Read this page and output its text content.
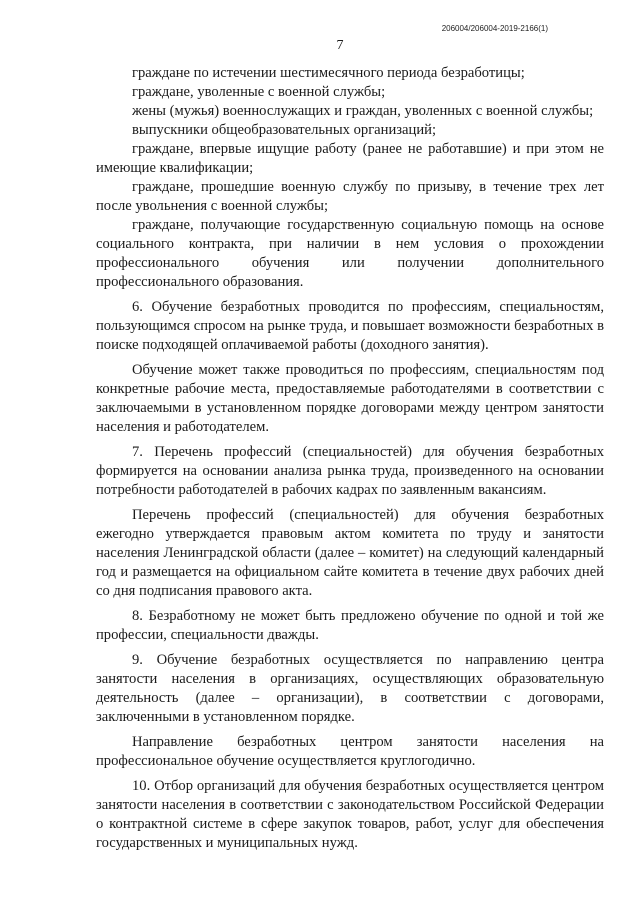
206004/206004-2019-2166(1)
7

граждане по истечении шестимесячного периода безработицы;

граждане, уволенные с военной службы;

жены (мужья) военнослужащих и граждан, уволенных с военной службы;

выпускники общеобразовательных организаций;

граждане, впервые ищущие работу (ранее не работавшие) и при этом не имеющие квалификации;

граждане, прошедшие военную службу по призыву, в течение трех лет после увольнения с военной службы;

граждане, получающие государственную социальную помощь на основе социального контракта, при наличии в нем условия о прохождении профессионального обучения или получении дополнительного профессионального образования.

6. Обучение безработных проводится по профессиям, специальностям, пользующимся спросом на рынке труда, и повышает возможности безработных в поиске подходящей оплачиваемой работы (доходного занятия).

Обучение может также проводиться по профессиям, специальностям под конкретные рабочие места, предоставляемые работодателями в соответствии с заключаемыми в установленном порядке договорами между центром занятости населения и работодателем.

7. Перечень профессий (специальностей) для обучения безработных формируется на основании анализа рынка труда, произведенного на основании потребности работодателей в рабочих кадрах по заявленным вакансиям.

Перечень профессий (специальностей) для обучения безработных ежегодно утверждается правовым актом комитета по труду и занятости населения Ленинградской области (далее – комитет) на следующий календарный год и размещается на официальном сайте комитета в течение двух рабочих дней со дня подписания правового акта.

8. Безработному не может быть предложено обучение по одной и той же профессии, специальности дважды.

9. Обучение безработных осуществляется по направлению центра занятости населения в организациях, осуществляющих образовательную деятельность (далее – организации), в соответствии с договорами, заключенными в установленном порядке.

Направление безработных центром занятости населения на профессиональное обучение осуществляется круглогодично.

10. Отбор организаций для обучения безработных осуществляется центром занятости населения в соответствии с законодательством Российской Федерации о контрактной системе в сфере закупок товаров, работ, услуг для обеспечения государственных и муниципальных нужд.
